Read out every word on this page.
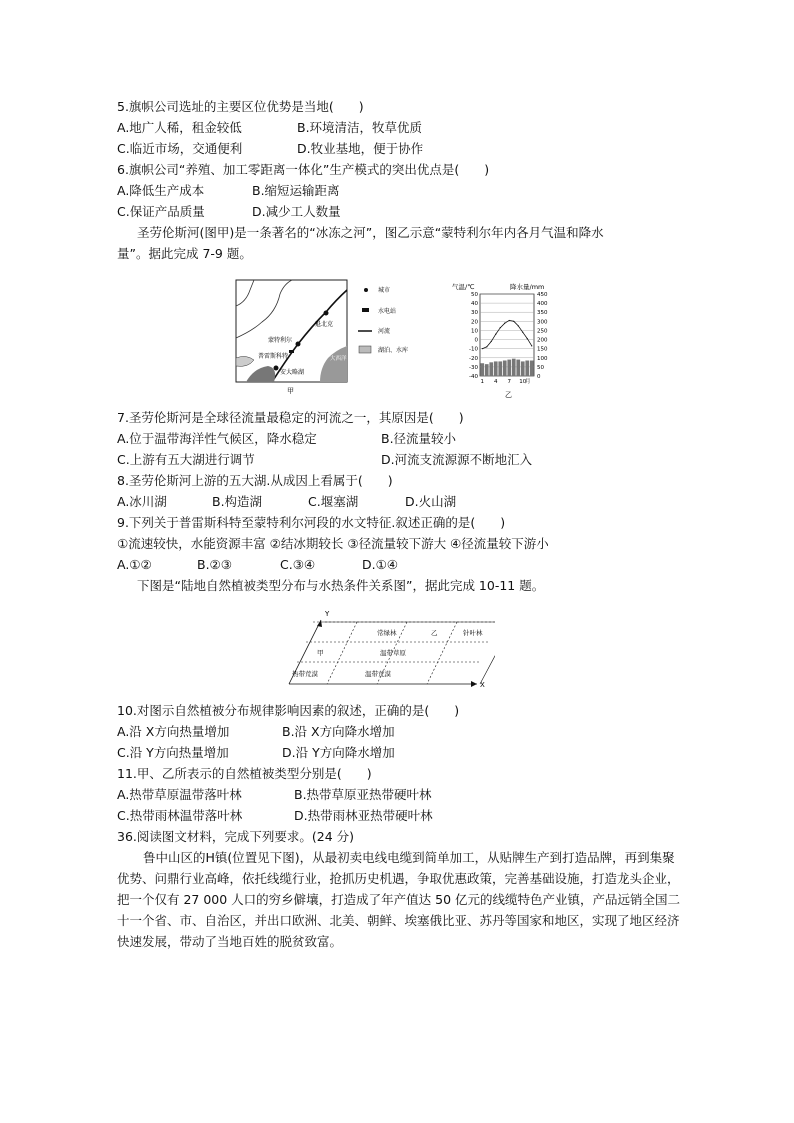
5.旗帜公司选址的主要区位优势是当地(　　)
A.地广人稀，租金较低	B.环境清洁，牧草优质
C.临近市场，交通便利	D.牧业基地，便于协作
6.旗帜公司“养殖、加工零距离一体化”生产模式的突出优点是(　　)
A.降低生产成本	B.缩短运输距离
C.保证产品质量	D.减少工人数量
圣劳伦斯河(图甲)是一条著名的“冰冻之河”，图乙示意“蒙特利尔年内各月气温和降水
量”。据此完成 7-9 题。
魁北克
蒙特利尔
普雷斯科特
安大略湖
大西洋
城市
水电站
河流
湖泊、水库
甲
气温/℃	降水量/mm
50
40
30
20
10
0
-10
-20
-30
-40
450
400
350
300
250
200
150
100
50
0
1 4 7 10
月
乙
7.圣劳伦斯河是全球径流量最稳定的河流之一，其原因是(　　)
A.位于温带海洋性气候区，降水稳定	B.径流量较小
C.上游有五大湖进行调节	D.河流支流源源不断地汇入
8.圣劳伦斯河上游的五大湖.从成因上看属于(　　)
A.冰川湖	B.构造湖	C.堰塞湖	D.火山湖
9.下列关于普雷斯科特至蒙特利尔河段的水文特征.叙述正确的是(　　)
①流速较快，水能资源丰富 ②结冰期较长 ③径流量较下游大 ④径流量较下游小
A.①②	B.②③	C.③④	D.①④
下图是“陆地自然植被类型分布与水热条件关系图”，据此完成 10-11 题。
X
Y
常绿林	乙	针叶林
甲	温带草原
热带荒漠	温带荒漠
10.对图示自然植被分布规律影响因素的叙述，正确的是(　　)
A.沿 X方向热量增加	B.沿 X方向降水增加
C.沿 Y方向热量增加	D.沿 Y方向降水增加
11.甲、乙所表示的自然植被类型分别是(　　)
A.热带草原温带落叶林	B.热带草原亚热带硬叶林
C.热带雨林温带落叶林	D.热带雨林亚热带硬叶林
36.阅读图文材料，完成下列要求。(24 分)
鲁中山区的H镇(位置见下图)，从最初卖电线电缆到简单加工，从贴牌生产到打造品牌，再到集聚优势、问鼎行业高峰，依托线缆行业，抢抓历史机遇，争取优惠政策，完善基础设施，打造龙头企业，把一个仅有 27 000 人口的穷乡僻壤，打造成了年产值达 50 亿元的线缆特色产业镇，产品远销全国二十一个省、市、自治区，并出口欧洲、北美、朝鲜、埃塞俄比亚、苏丹等国家和地区，实现了地区经济快速发展，带动了当地百姓的脱贫致富。
